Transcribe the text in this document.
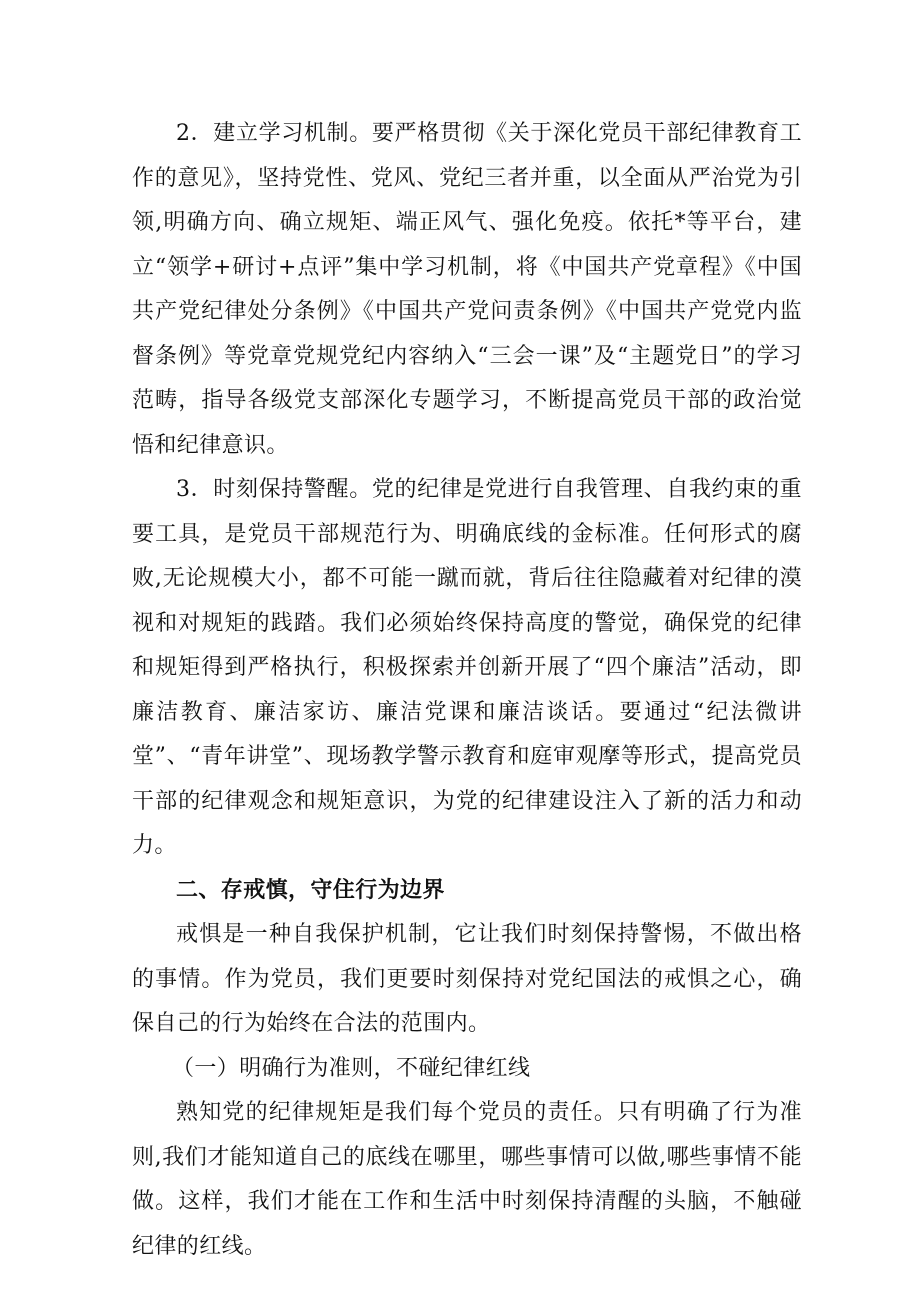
2．建立学习机制。要严格贯彻《关于深化党员干部纪律教育工作的意见》，坚持党性、党风、党纪三者并重，以全面从严治党为引领,明确方向、确立规矩、端正风气、强化免疫。依托*等平台，建立“领学+研讨+点评”集中学习机制，将《中国共产党章程》《中国共产党纪律处分条例》《中国共产党问责条例》《中国共产党党内监督条例》等党章党规党纪内容纳入“三会一课”及“主题党日”的学习范畴，指导各级党支部深化专题学习，不断提高党员干部的政治觉悟和纪律意识。

3．时刻保持警醒。党的纪律是党进行自我管理、自我约束的重要工具，是党员干部规范行为、明确底线的金标准。任何形式的腐败,无论规模大小，都不可能一蹴而就，背后往往隐藏着对纪律的漠视和对规矩的践踏。我们必须始终保持高度的警觉，确保党的纪律和规矩得到严格执行，积极探索并创新开展了“四个廉洁”活动，即廉洁教育、廉洁家访、廉洁党课和廉洁谈话。要通过“纪法微讲堂”、“青年讲堂”、现场教学警示教育和庭审观摩等形式，提高党员干部的纪律观念和规矩意识，为党的纪律建设注入了新的活力和动力。

二、存戒慎，守住行为边界

戒惧是一种自我保护机制，它让我们时刻保持警惕，不做出格的事情。作为党员，我们更要时刻保持对党纪国法的戒惧之心，确保自己的行为始终在合法的范围内。

（一）明确行为准则，不碰纪律红线

熟知党的纪律规矩是我们每个党员的责任。只有明确了行为准则,我们才能知道自己的底线在哪里，哪些事情可以做,哪些事情不能做。这样，我们才能在工作和生活中时刻保持清醒的头脑，不触碰纪律的红线。
